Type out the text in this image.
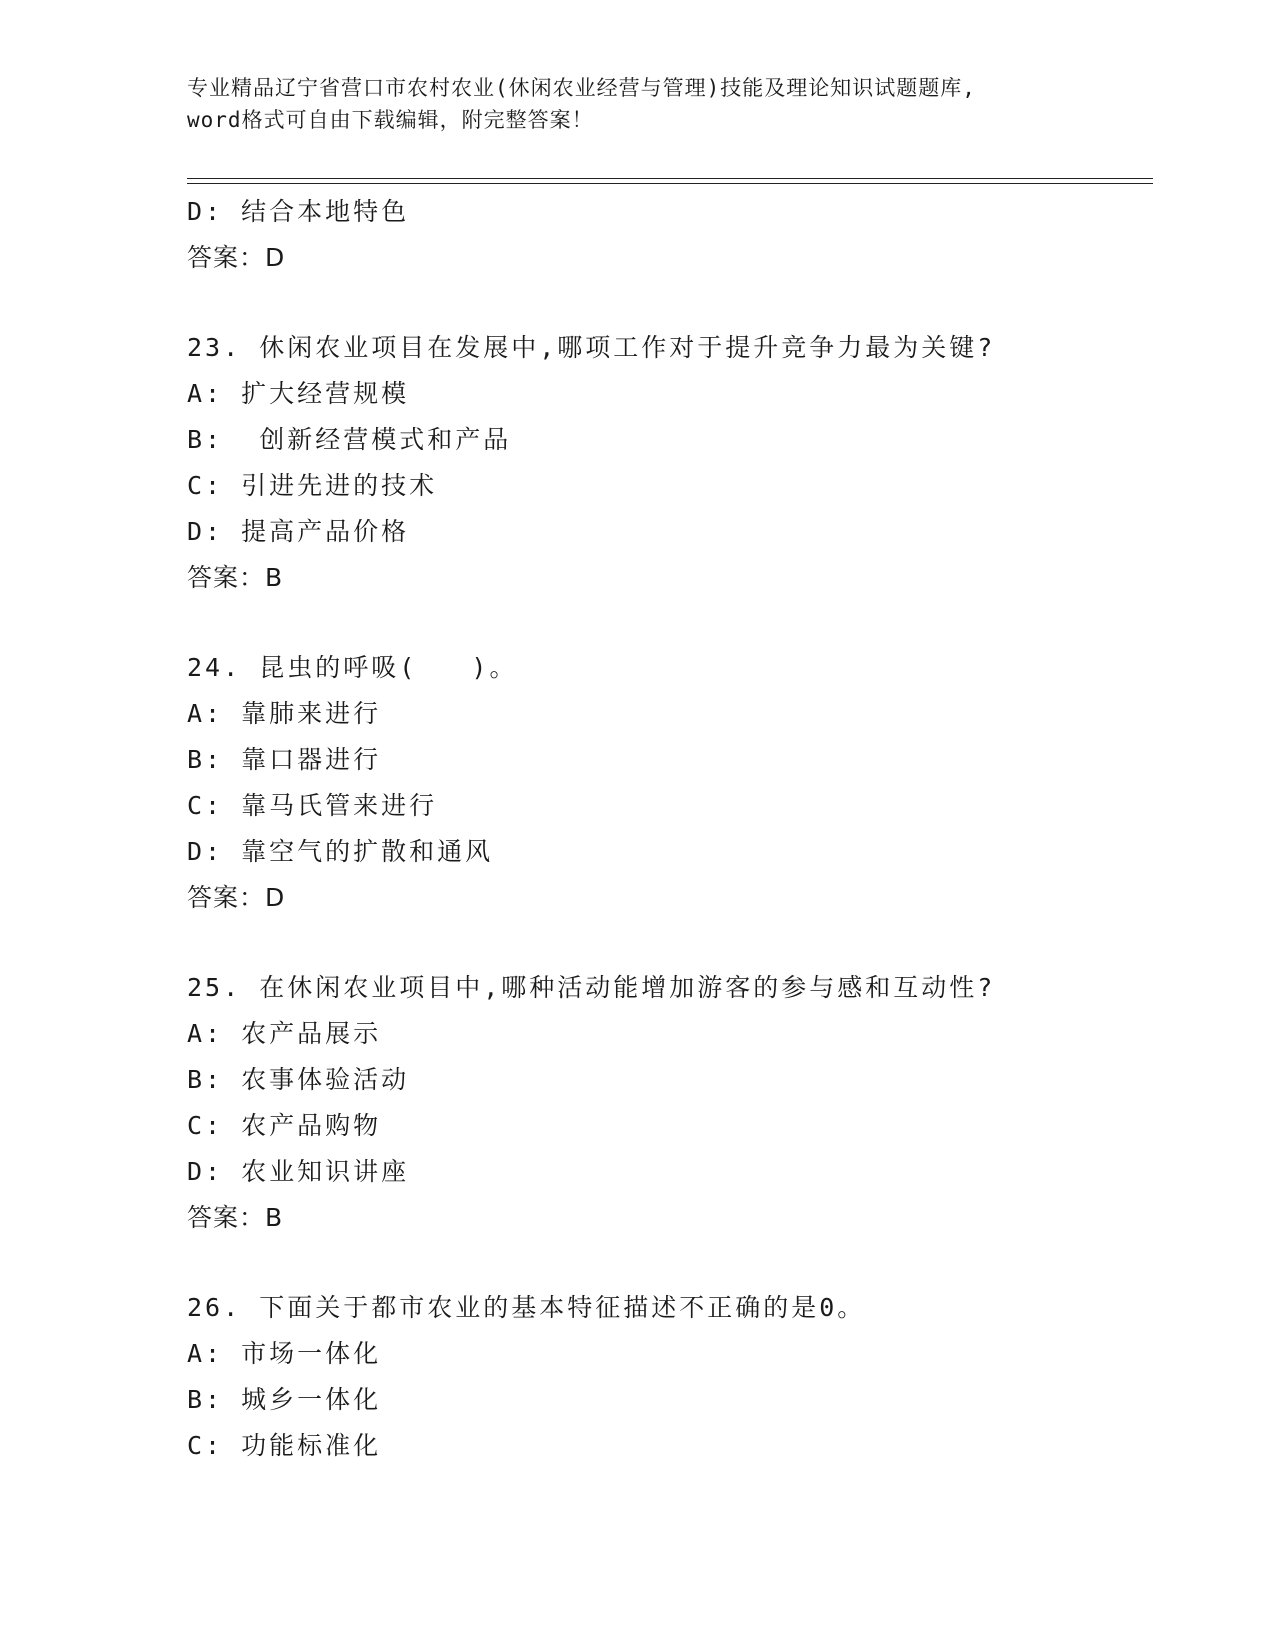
专业精品辽宁省营口市农村农业(休闲农业经营与管理)技能及理论知识试题题库,
word格式可自由下载编辑，附完整答案！
D: 结合本地特色
答案：D
23. 休闲农业项目在发展中,哪项工作对于提升竞争力最为关键?
A: 扩大经营规模
B:  创新经营模式和产品
C: 引进先进的技术
D: 提高产品价格
答案：B
24. 昆虫的呼吸(   )。
A: 靠肺来进行
B: 靠口器进行
C: 靠马氏管来进行
D: 靠空气的扩散和通风
答案：D
25. 在休闲农业项目中,哪种活动能增加游客的参与感和互动性?
A: 农产品展示
B: 农事体验活动
C: 农产品购物
D: 农业知识讲座
答案：B
26. 下面关于都市农业的基本特征描述不正确的是0。
A: 市场一体化
B: 城乡一体化
C: 功能标准化
